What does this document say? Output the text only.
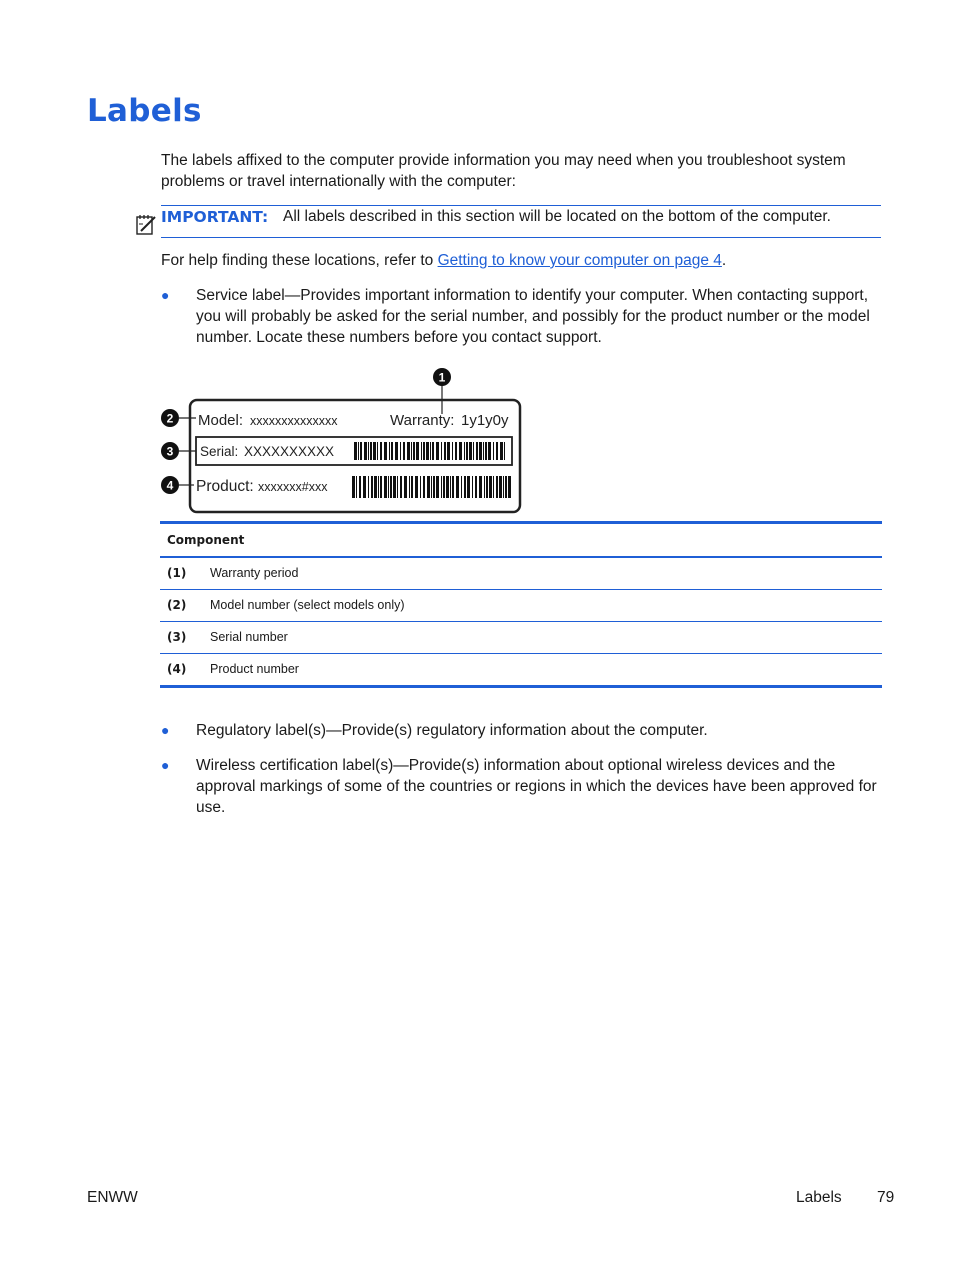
Labels

The labels affixed to the computer provide information you may need when you troubleshoot system problems or travel internationally with the computer:

IMPORTANT: All labels described in this section will be located on the bottom of the computer.

For help finding these locations, refer to Getting to know your computer on page 4.

● Service label—Provides important information to identify your computer. When contacting support, you will probably be asked for the serial number, and possibly for the product number or the model number. Locate these numbers before you contact support.
1
2
3
4
Model: xxxxxxxxxxxxxx	Warranty: 1y1y0y
Serial: XXXXXXXXXX
Product: xxxxxxx#xxx
Component
(1) Warranty period
(2) Model number (select models only)
(3) Serial number
(4) Product number
● Regulatory label(s)—Provide(s) regulatory information about the computer.
● Wireless certification label(s)—Provide(s) information about optional wireless devices and the approval markings of some of the countries or regions in which the devices have been approved for use.
ENWW	Labels 79
